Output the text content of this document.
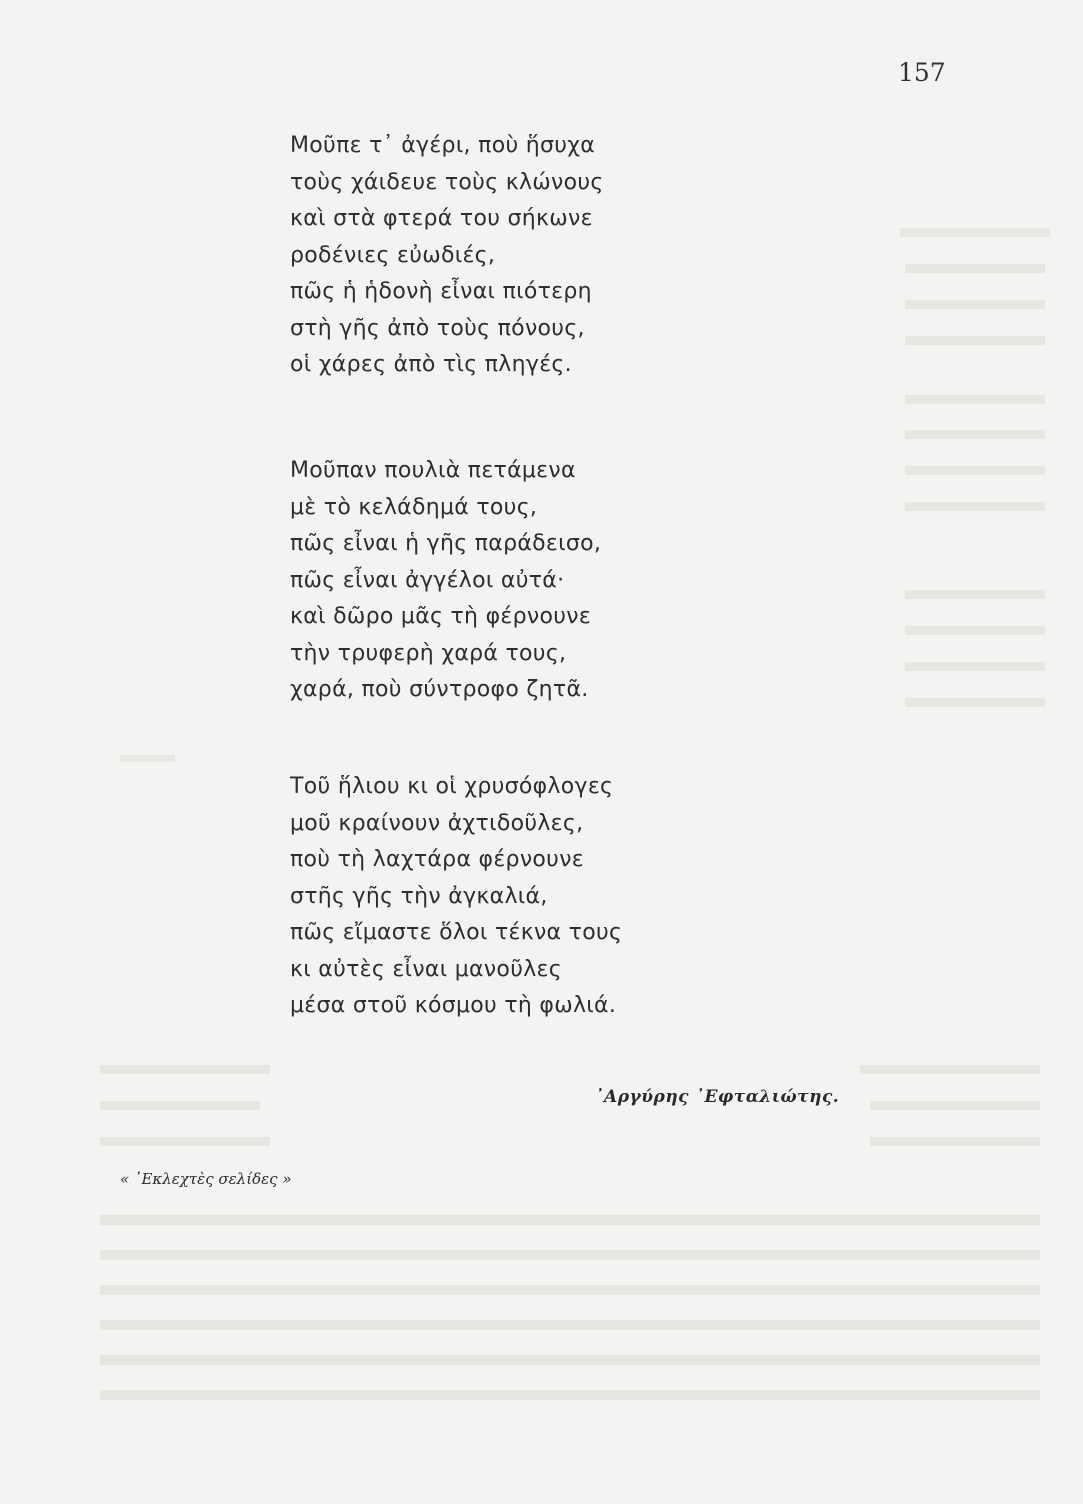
157
Μοῦπε τ᾽ ἀγέρι, ποὺ ἥσυχα
τοὺς χάιδευε τοὺς κλώνους
καὶ στὰ φτερά του σήκωνε
ροδένιες εὐωδιές,
πῶς ἡ ἡδονὴ εἶναι πιότερη
στὴ γῆς ἀπὸ τοὺς πόνους,
οἱ χάρες ἀπὸ τὶς πληγές.
Μοῦπαν πουλιὰ πετάμενα
μὲ τὸ κελάδημά τους,
πῶς εἶναι ἡ γῆς παράδεισο,
πῶς εἶναι ἀγγέλοι αὐτά·
καὶ δῶρο μᾶς τὴ φέρνουνε
τὴν τρυφερὴ χαρά τους,
χαρά, ποὺ σύντροφο ζητᾶ.
Τοῦ ἥλιου κι οἱ χρυσόφλογες
μοῦ κραίνουν ἀχτιδοῦλες,
ποὺ τὴ λαχτάρα φέρνουνε
στῆς γῆς τὴν ἀγκαλιά,
πῶς εἴμαστε ὅλοι τέκνα τους
κι αὐτὲς εἶναι μανοῦλες
μέσα στοῦ κόσμου τὴ φωλιά.
᾿Αργύρης ᾿Εφταλιώτης.
« ᾿Εκλεχτὲς σελίδες »
